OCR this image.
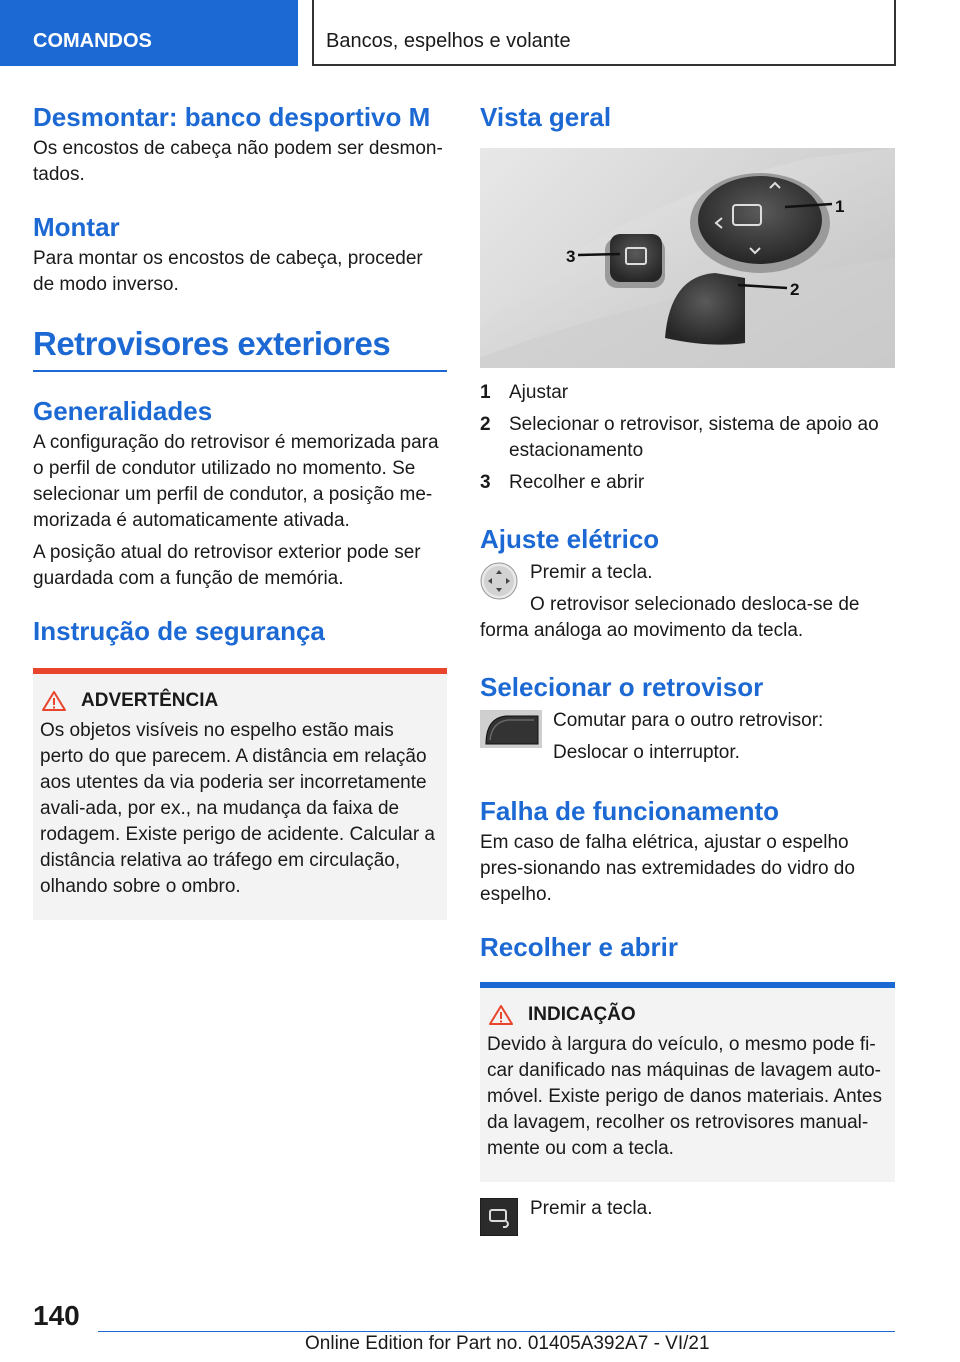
COMANDOS	Bancos, espelhos e volante
Desmontar: banco desportivo M

Os encostos de cabeça não podem ser desmon-tados.

Montar

Para montar os encostos de cabeça, proceder de modo inverso.

Retrovisores exteriores
Generalidades

A configuração do retrovisor é memorizada para o perfil de condutor utilizado no momento. Se selecionar um perfil de condutor, a posição me-morizada é automaticamente ativada.

A posição atual do retrovisor exterior pode ser guardada com a função de memória.

Instrução de segurança
ADVERTÊNCIA

Os objetos visíveis no espelho estão mais perto do que parecem. A distância em relação aos utentes da via poderia ser incorretamente avali-ada, por ex., na mudança da faixa de rodagem. Existe perigo de acidente. Calcular a distância relativa ao tráfego em circulação, olhando sobre o ombro.

Vista geral
1
2
3
1 Ajustar
2 Selecionar o retrovisor, sistema de apoio ao estacionamento
3 Recolher e abrir
Ajuste elétrico

Premir a tecla.

O retrovisor selecionado desloca-se de forma análoga ao movimento da tecla.

Selecionar o retrovisor

Comutar para o outro retrovisor:

Deslocar o interruptor.

Falha de funcionamento

Em caso de falha elétrica, ajustar o espelho pres-sionando nas extremidades do vidro do espelho.

Recolher e abrir
INDICAÇÃO

Devido à largura do veículo, o mesmo pode fi-car danificado nas máquinas de lavagem auto-móvel. Existe perigo de danos materiais. Antes da lavagem, recolher os retrovisores manual-mente ou com a tecla.

Premir a tecla.

140
Online Edition for Part no. 01405A392A7 - VI/21
